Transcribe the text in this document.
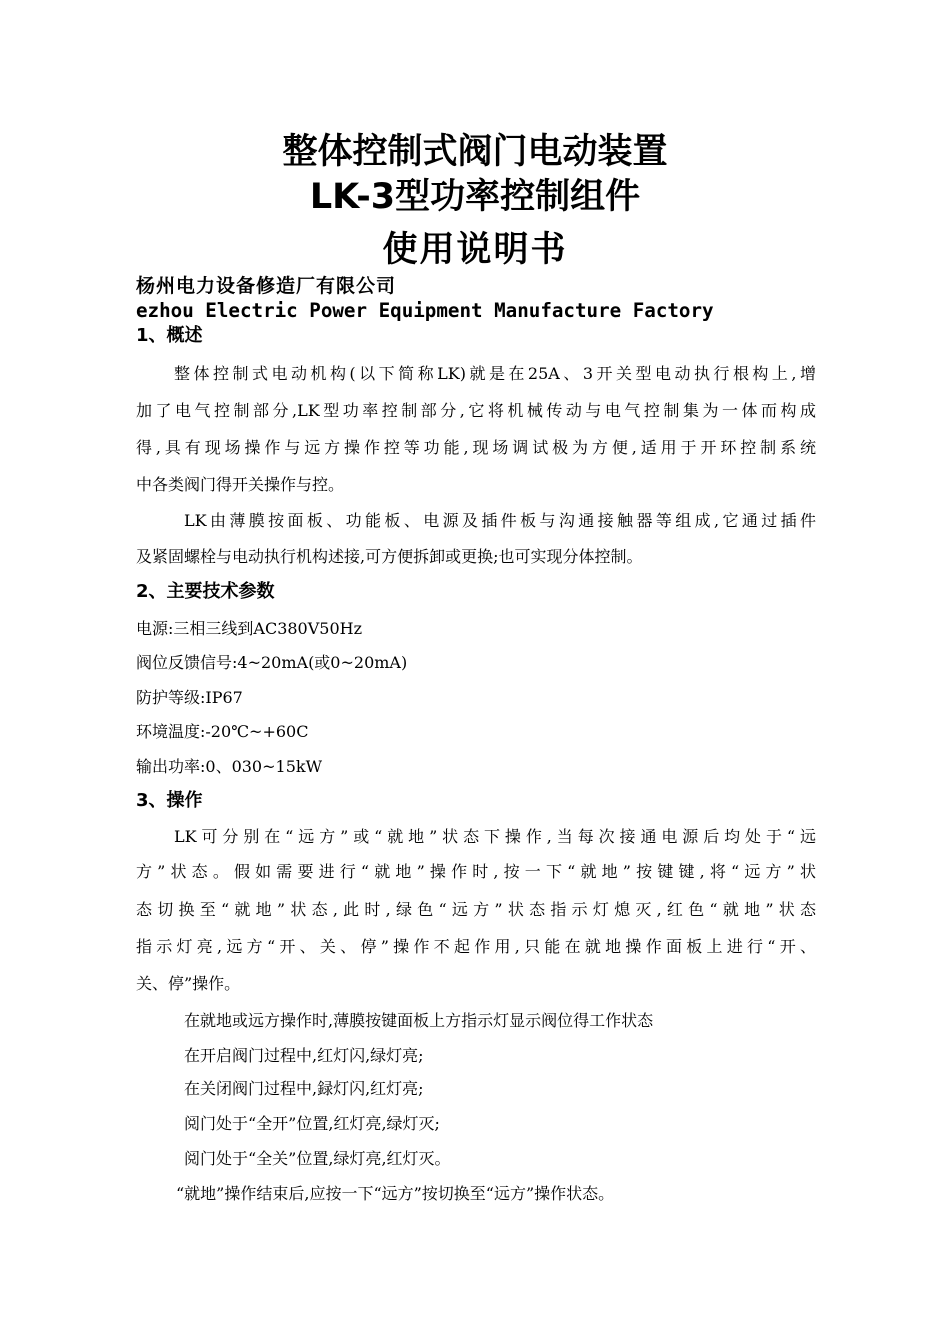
整体控制式阀门电动装置
LK-3型功率控制组件
使用说明书
杨州电力设备修造厂有限公司
ezhou Electric Power Equipment Manufacture Factory
1、概述
整体控制式电动机构(以下简称LK)就是在25A、3开关型电动执行根构上,增
加了电气控制部分,LK型功率控制部分,它将机械传动与电气控制集为一体而构成
得,具有现场操作与远方操作控等功能,现场调试极为方便,适用于开环控制系统
中各类阀门得开关操作与控。
LK由薄膜按面板、功能板、电源及插件板与沟通接触器等组成,它通过插件
及紧固螺栓与电动执行机构述接,可方便拆卸或更换;也可实现分体控制。
2、主要技术参数
电源:三相三线到AC380V50Hz
阀位反馈信号:4~20mA(或0~20mA)
防护等级:IP67
环境温度:-20℃~+60C
输出功率:0、030~15kW
3、操作
LK可分别在“远方”或“就地”状态下操作,当每次接通电源后均处于“远
方”状态。假如需要进行“就地”操作时,按一下“就地”按键键,将“远方”状
态切换至“就地”状态,此时,绿色“远方”状态指示灯熄灭,红色“就地”状态
指示灯亮,远方“开、关、停”操作不起作用,只能在就地操作面板上进行“开、
关、停”操作。
在就地或远方操作时,薄膜按键面板上方指示灯显示阀位得工作状态
在开启阀门过程中,红灯闪,绿灯亮;
在关闭阀门过程中,録灯闪,红灯亮;
阅门处于“全开”位置,红灯亮,绿灯灭;
阅门处于“全关”位置,绿灯亮,红灯灭。
“就地”操作结束后,应按一下“远方”按切换至“远方”操作状态。
